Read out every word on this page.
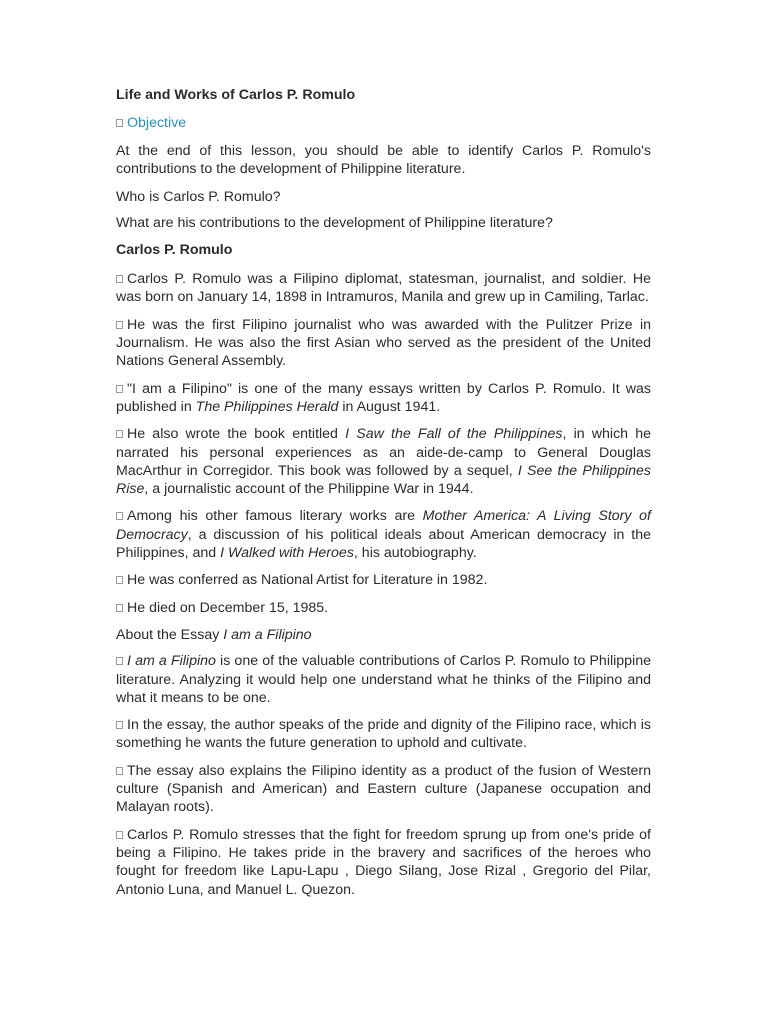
Life and Works of Carlos P. Romulo
Objective
At the end of this lesson, you should be able to identify Carlos P. Romulo's contributions to the development of Philippine literature.
Who is Carlos P. Romulo?
What are his contributions to the development of Philippine literature?
Carlos P. Romulo
Carlos P. Romulo was a Filipino diplomat, statesman, journalist, and soldier. He was born on January 14, 1898 in Intramuros, Manila and grew up in Camiling, Tarlac.
He was the first Filipino journalist who was awarded with the Pulitzer Prize in Journalism. He was also the first Asian who served as the president of the United Nations General Assembly.
"I am a Filipino" is one of the many essays written by Carlos P. Romulo. It was published in The Philippines Herald in August 1941.
He also wrote the book entitled I Saw the Fall of the Philippines, in which he narrated his personal experiences as an aide-de-camp to General Douglas MacArthur in Corregidor. This book was followed by a sequel, I See the Philippines Rise, a journalistic account of the Philippine War in 1944.
Among his other famous literary works are Mother America: A Living Story of Democracy, a discussion of his political ideals about American democracy in the Philippines, and I Walked with Heroes, his autobiography.
He was conferred as National Artist for Literature in 1982.
He died on December 15, 1985.
About the Essay I am a Filipino
I am a Filipino is one of the valuable contributions of Carlos P. Romulo to Philippine literature. Analyzing it would help one understand what he thinks of the Filipino and what it means to be one.
In the essay, the author speaks of the pride and dignity of the Filipino race, which is something he wants the future generation to uphold and cultivate.
The essay also explains the Filipino identity as a product of the fusion of Western culture (Spanish and American) and Eastern culture (Japanese occupation and Malayan roots).
Carlos P. Romulo stresses that the fight for freedom sprung up from one's pride of being a Filipino. He takes pride in the bravery and sacrifices of the heroes who fought for freedom like Lapu-Lapu , Diego Silang, Jose Rizal , Gregorio del Pilar, Antonio Luna, and Manuel L. Quezon.
